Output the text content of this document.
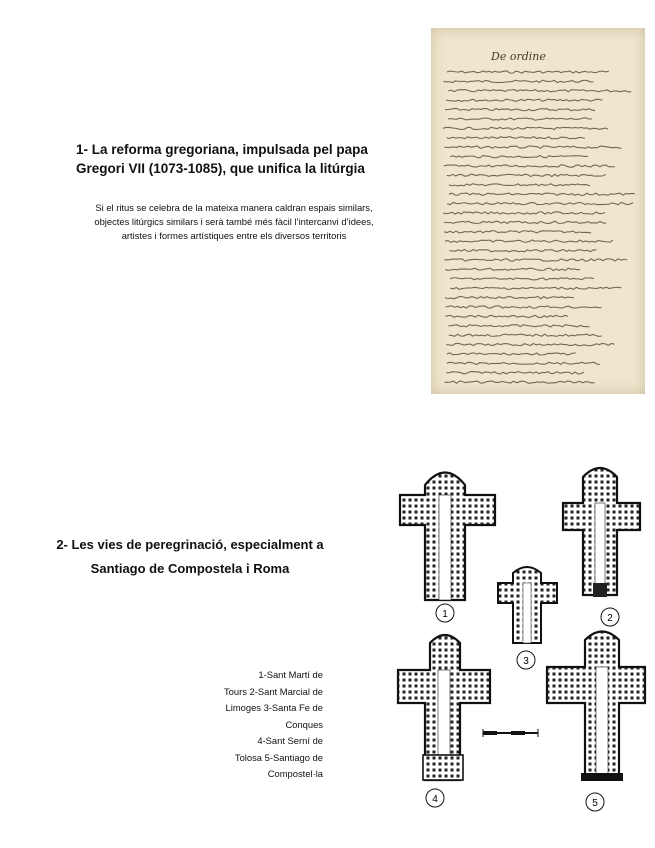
1- La reforma gregoriana, impulsada pel papa Gregori VII (1073-1085), que unifica la litúrgia
Si el ritus se celebra de la mateixa manera caldran espais similars, objectes litúrgics similars i serà també més fàcil l’intercanvi d’idees, artistes i formes artístiques entre els diversos territoris
De ordine
2- Les vies de peregrinació, especialment a
Santiago de Compostela i Roma
1-Sant Martí de
Tours 2-Sant Marcial de
Limoges 3-Santa Fe de
Conques
4-Sant Serní de
Tolosa 5-Santiago de
Compostel·la
1	2
3
4	5
